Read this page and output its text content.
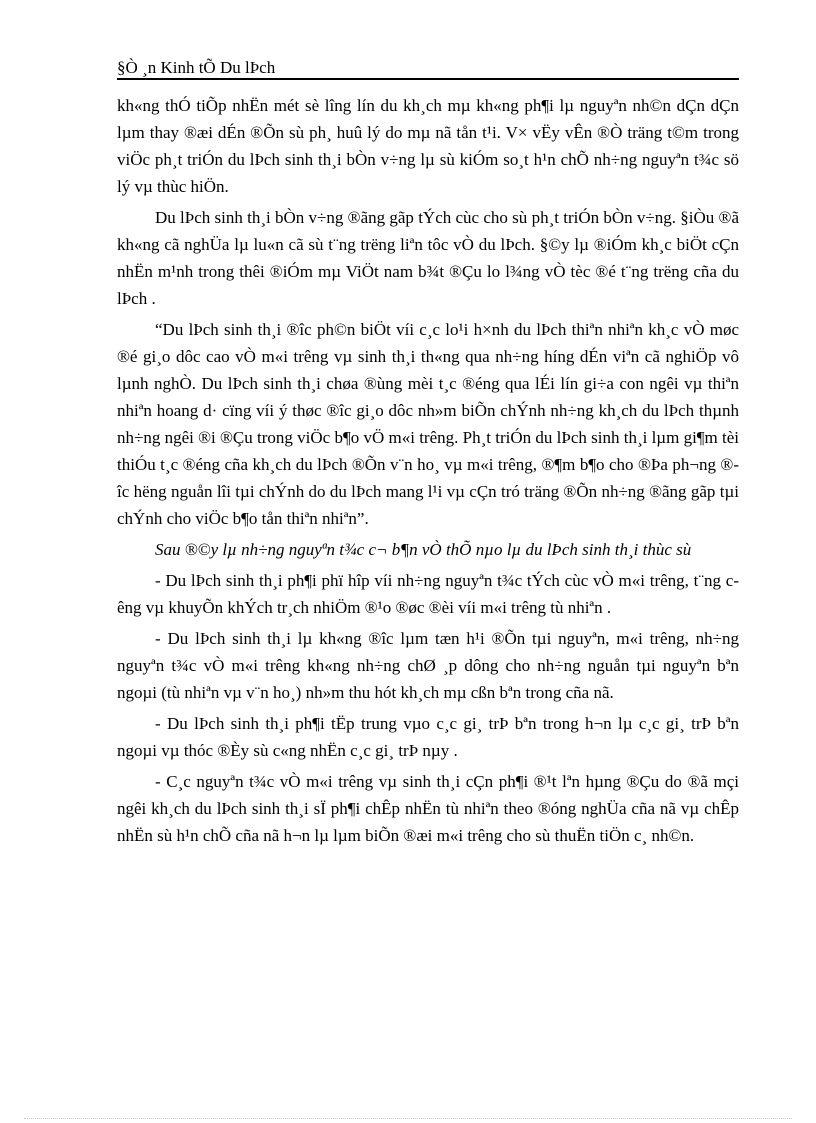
§Ò ¸n Kinh tÕ Du lÞch

kh«ng thÓ tiÕp nhËn mét sè lîng lín du kh¸ch mµ kh«ng ph¶i lµ nguyªn nh©n dÇn dÇn lµm thay ®æi dÉn ®Õn sù ph¸ huû lý do mµ nã tån t¹i. V× vËy vÊn ®Ò träng t©m trong viÖc ph¸t triÓn du lÞch sinh th¸i bÒn v÷ng lµ sù kiÓm so¸t h¹n chÕ nh÷ng nguyªn t¾c sö lý vµ thùc hiÖn.

Du lÞch sinh th¸i bÒn v÷ng ®ãng gãp tÝch cùc cho sù ph¸t triÓn bÒn v÷ng. §iÒu ®ã kh«ng cã nghÜa lµ lu«n cã sù t¨ng trëng liªn tôc vÒ du lÞch. §©y lµ ®iÓm kh¸c biÖt cÇn nhËn m¹nh trong thêi ®iÓm mµ ViÖt nam b¾t ®Çu lo l¾ng vÒ tèc ®é t¨ng trëng cña du lÞch .

“Du lÞch sinh th¸i ®îc ph©n biÖt víi c¸c lo¹i h×nh du lÞch thiªn nhiªn kh¸c vÒ møc ®é gi¸o dôc cao vÒ m«i trêng vµ sinh th¸i th«ng qua nh÷ng híng dÉn viªn cã nghiÖp vô lµnh nghÒ. Du lÞch sinh th¸i chøa ®ùng mèi t¸c ®éng qua lÉi lín gi÷a con ngêi vµ thiªn nhiªn hoang d· cïng víi ý thøc ®îc gi¸o dôc nh»m biÕn chÝnh nh÷ng kh¸ch du lÞch thµnh nh÷ng ngêi ®i ®Çu trong viÖc b¶o vÖ m«i trêng. Ph¸t triÓn du lÞch sinh th¸i lµm gi¶m tèi thiÓu t¸c ®éng cña kh¸ch du lÞch ®Õn v¨n ho¸ vµ m«i trêng, ®¶m b¶o cho ®Þa ph¬ng ®îc hëng nguån lîi tµi chÝnh do du lÞch mang l¹i vµ cÇn tró träng ®Õn nh÷ng ®ãng gãp tµi chÝnh cho viÖc b¶o tån thiªn nhiªn”.

Sau ®©y lµ nh÷ng nguyªn t¾c c¬ b¶n vÒ thÕ nµo lµ du lÞch sinh th¸i thùc sù

- Du lÞch sinh th¸i ph¶i phï hîp víi nh÷ng nguyªn t¾c tÝch cùc vÒ m«i trêng, t¨ng cêng vµ khuyÕn khÝch tr¸ch nhiÖm ®¹o ®øc ®èi víi m«i trêng tù nhiªn .

- Du lÞch sinh th¸i lµ kh«ng ®îc lµm tæn h¹i ®Õn tµi nguyªn, m«i trêng, nh÷ng nguyªn t¾c vÒ m«i trêng kh«ng nh÷ng chØ ¸p dông cho nh÷ng nguån tµi nguyªn bªn ngoµi (tù nhiªn vµ v¨n ho¸) nh»m thu hót kh¸ch mµ cßn bªn trong cña nã.

- Du lÞch sinh th¸i ph¶i tËp trung vµo c¸c gi¸ trÞ bªn trong h¬n lµ c¸c gi¸ trÞ bªn ngoµi vµ thóc ®Èy sù c«ng nhËn c¸c gi¸ trÞ nµy .

- C¸c nguyªn t¾c vÒ m«i trêng vµ sinh th¸i cÇn ph¶i ®¹t lªn hµng ®Çu do ®ã mçi ngêi kh¸ch du lÞch sinh th¸i sÏ ph¶i chÊp nhËn tù nhiªn theo ®óng nghÜa cña nã vµ chÊp nhËn sù h¹n chÕ cña nã h¬n lµ lµm biÕn ®æi m«i trêng cho sù thuËn tiÖn c¸ nh©n.
